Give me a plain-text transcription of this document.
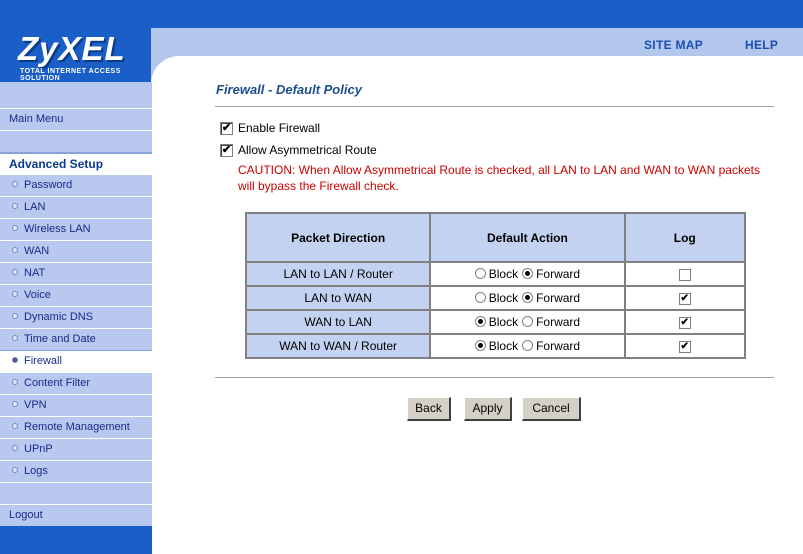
ZyXEL
TOTAL INTERNET ACCESS SOLUTION
SITE MAP	HELP
Main Menu
Advanced Setup
Password
LAN
Wireless LAN
WAN
NAT
Voice
Dynamic DNS
Time and Date
Firewall
Content Filter
VPN
Remote Management
UPnP
Logs
Logout
Firewall - Default Policy
✔ Enable Firewall
✔ Allow Asymmetrical Route
CAUTION: When Allow Asymmetrical Route is checked, all LAN to LAN and WAN to WAN packets will bypass the Firewall check.
Packet Direction	Default Action	Log
LAN to LAN / Router	Block Forward	
LAN to WAN	Block Forward	✔
WAN to LAN	Block Forward	✔
WAN to WAN / Router	Block Forward	✔
Back	Apply	Cancel
